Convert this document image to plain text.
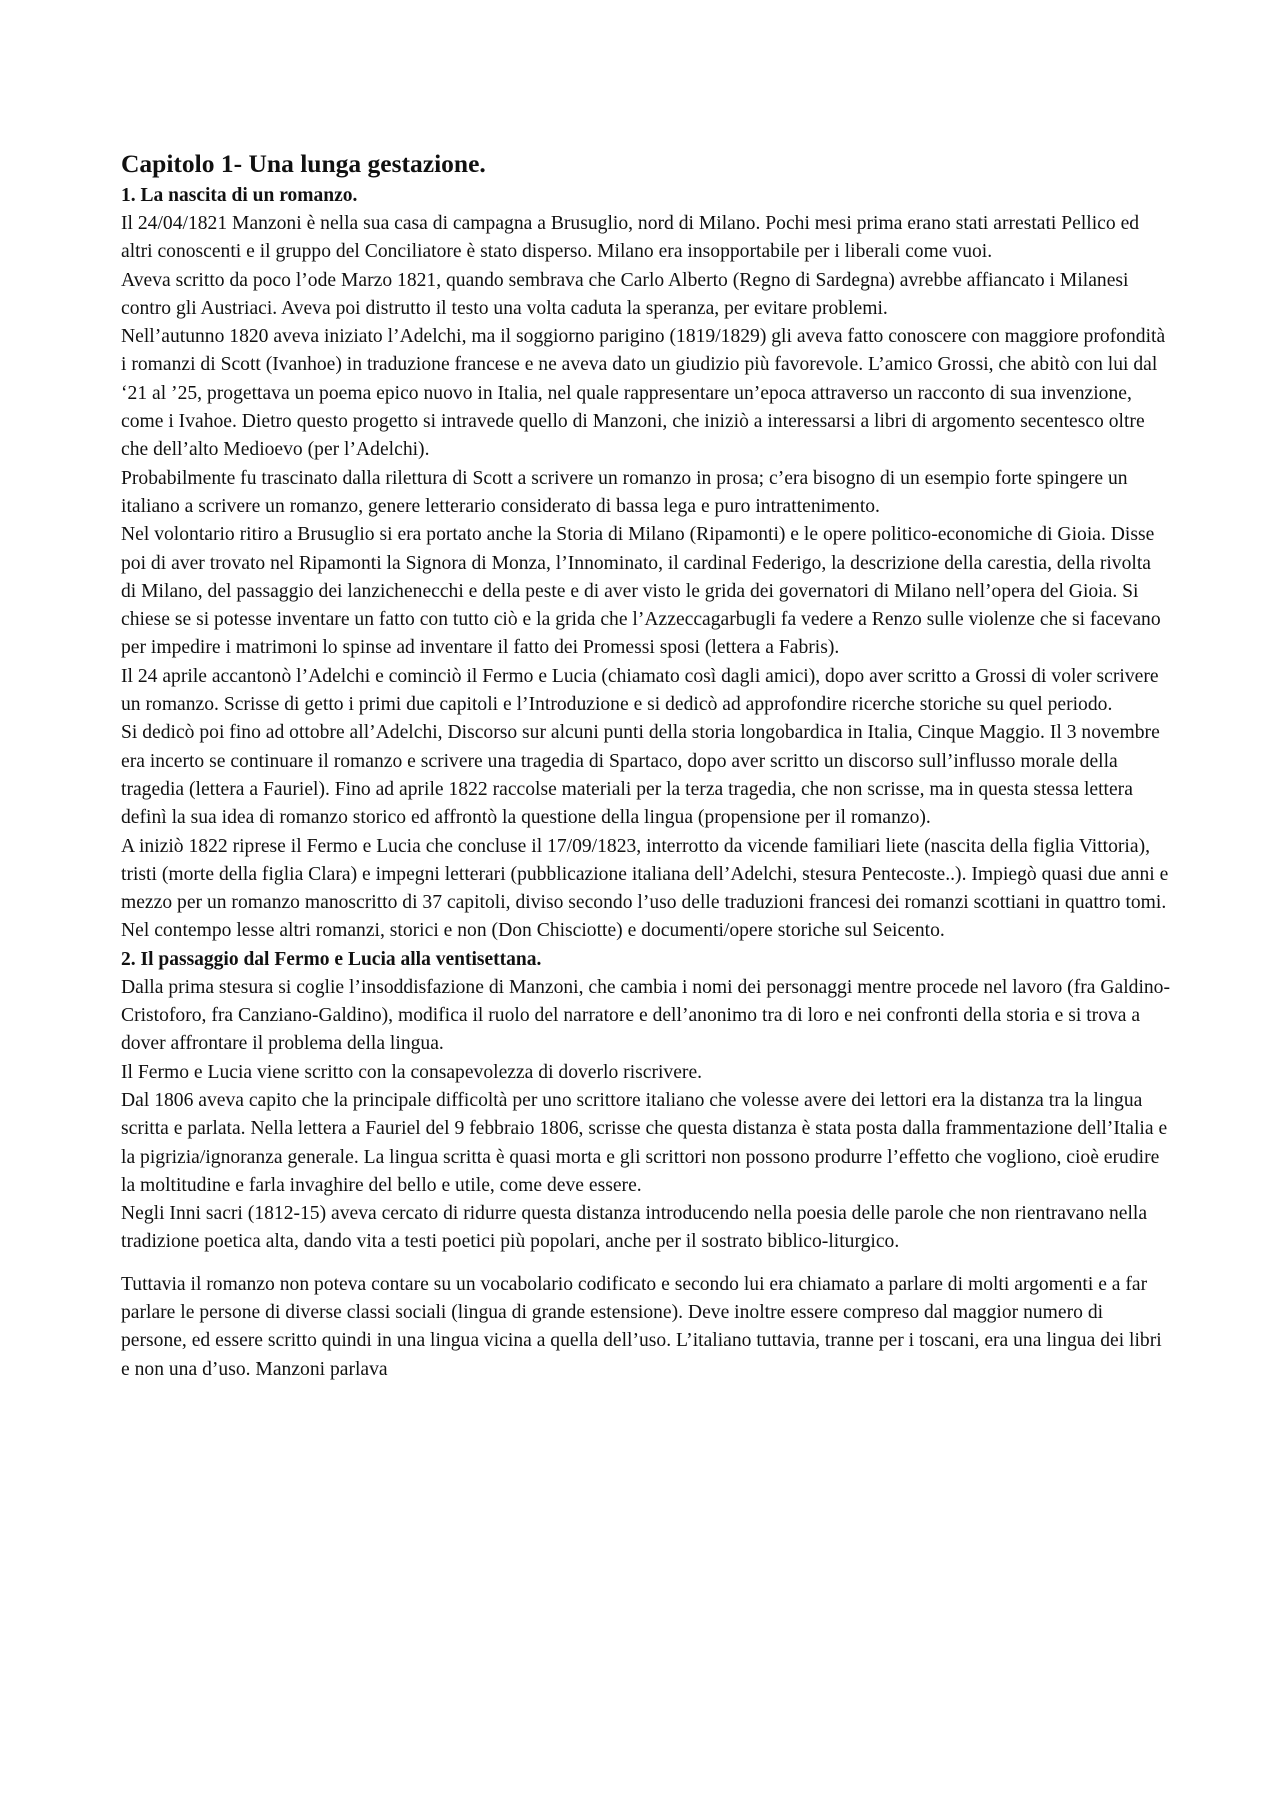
Capitolo 1- Una lunga gestazione.
1. La nascita di un romanzo.

Il 24/04/1821 Manzoni è nella sua casa di campagna a Brusuglio, nord di Milano. Pochi mesi prima erano stati arrestati Pellico ed altri conoscenti e il gruppo del Conciliatore è stato disperso. Milano era insopportabile per i liberali come vuoi.

Aveva scritto da poco l’ode Marzo 1821, quando sembrava che Carlo Alberto (Regno di Sardegna) avrebbe affiancato i Milanesi contro gli Austriaci. Aveva poi distrutto il testo una volta caduta la speranza, per evitare problemi.

Nell’autunno 1820 aveva iniziato l’Adelchi, ma il soggiorno parigino (1819/1829) gli aveva fatto conoscere con maggiore profondità i romanzi di Scott (Ivanhoe) in traduzione francese e ne aveva dato un giudizio più favorevole. L’amico Grossi, che abitò con lui dal ‘21 al ’25, progettava un poema epico nuovo in Italia, nel quale rappresentare un’epoca attraverso un racconto di sua invenzione, come i Ivahoe. Dietro questo progetto si intravede quello di Manzoni, che iniziò a interessarsi a libri di argomento secentesco oltre che dell’alto Medioevo (per l’Adelchi).

Probabilmente fu trascinato dalla rilettura di Scott a scrivere un romanzo in prosa; c’era bisogno di un esempio forte spingere un italiano a scrivere un romanzo, genere letterario considerato di bassa lega e puro intrattenimento.

Nel volontario ritiro a Brusuglio si era portato anche la Storia di Milano (Ripamonti) e le opere politico-economiche di Gioia. Disse poi di aver trovato nel Ripamonti la Signora di Monza, l’Innominato, il cardinal Federigo, la descrizione della carestia, della rivolta di Milano, del passaggio dei lanzichenecchi e della peste e di aver visto le grida dei governatori di Milano nell’opera del Gioia. Si chiese se si potesse inventare un fatto con tutto ciò e la grida che l’Azzeccagarbugli fa vedere a Renzo sulle violenze che si facevano per impedire i matrimoni lo spinse ad inventare il fatto dei Promessi sposi (lettera a Fabris).

Il 24 aprile accantonò l’Adelchi e cominciò il Fermo e Lucia (chiamato così dagli amici), dopo aver scritto a Grossi di voler scrivere un romanzo. Scrisse di getto i primi due capitoli e l’Introduzione e si dedicò ad approfondire ricerche storiche su quel periodo.

Si dedicò poi fino ad ottobre all’Adelchi, Discorso sur alcuni punti della storia longobardica in Italia, Cinque Maggio. Il 3 novembre era incerto se continuare il romanzo e scrivere una tragedia di Spartaco, dopo aver scritto un discorso sull’influsso morale della tragedia (lettera a Fauriel). Fino ad aprile 1822 raccolse materiali per la terza tragedia, che non scrisse, ma in questa stessa lettera definì la sua idea di romanzo storico ed affrontò la questione della lingua (propensione per il romanzo).

A iniziò 1822 riprese il Fermo e Lucia che concluse il 17/09/1823, interrotto da vicende familiari liete (nascita della figlia Vittoria), tristi (morte della figlia Clara) e impegni letterari (pubblicazione italiana dell’Adelchi, stesura Pentecoste..). Impiegò quasi due anni e mezzo per un romanzo manoscritto di 37 capitoli, diviso secondo l’uso delle traduzioni francesi dei romanzi scottiani in quattro tomi. Nel contempo lesse altri romanzi, storici e non (Don Chisciotte) e documenti/opere storiche sul Seicento.

2. Il passaggio dal Fermo e Lucia alla ventisettana.

Dalla prima stesura si coglie l’insoddisfazione di Manzoni, che cambia i nomi dei personaggi mentre procede nel lavoro (fra Galdino-Cristoforo, fra Canziano-Galdino), modifica il ruolo del narratore e dell’anonimo tra di loro e nei confronti della storia e si trova a dover affrontare il problema della lingua.

Il Fermo e Lucia viene scritto con la consapevolezza di doverlo riscrivere.

Dal 1806 aveva capito che la principale difficoltà per uno scrittore italiano che volesse avere dei lettori era la distanza tra la lingua scritta e parlata. Nella lettera a Fauriel del 9 febbraio 1806, scrisse che questa distanza è stata posta dalla frammentazione dell’Italia e la pigrizia/ignoranza generale. La lingua scritta è quasi morta e gli scrittori non possono produrre l’effetto che vogliono, cioè erudire la moltitudine e farla invaghire del bello e utile, come deve essere.

Negli Inni sacri (1812-15) aveva cercato di ridurre questa distanza introducendo nella poesia delle parole che non rientravano nella tradizione poetica alta, dando vita a testi poetici più popolari, anche per il sostrato biblico-liturgico.

Tuttavia il romanzo non poteva contare su un vocabolario codificato e secondo lui era chiamato a parlare di molti argomenti e a far parlare le persone di diverse classi sociali (lingua di grande estensione). Deve inoltre essere compreso dal maggior numero di persone, ed essere scritto quindi in una lingua vicina a quella dell’uso. L’italiano tuttavia, tranne per i toscani, era una lingua dei libri e non una d’uso. Manzoni parlava
